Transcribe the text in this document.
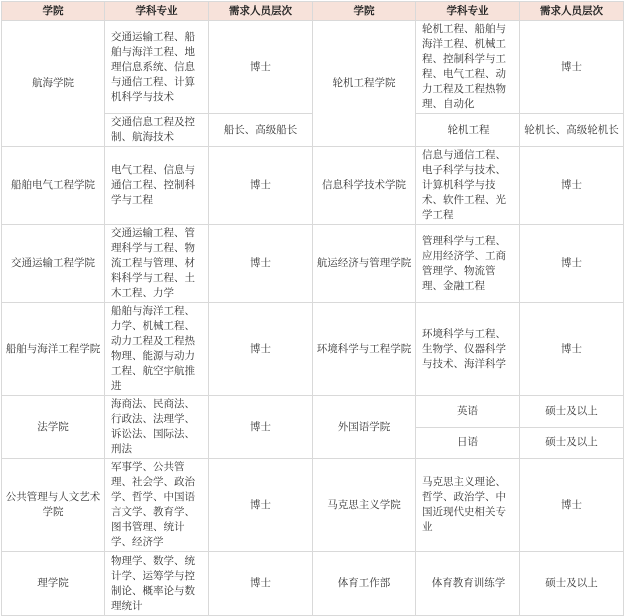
学院	学科专业	需求人员层次	学院	学科专业	需求人员层次
航海学院	交通运输工程、船舶与海洋工程、地理信息系统、信息与通信工程、计算机科学与技术	博士	轮机工程学院	轮机工程、船舶与海洋工程、机械工程、控制科学与工程、电气工程、动力工程及工程热物理、自动化	博士
	交通信息工程及控制、航海技术	船长、高级船长		轮机工程	轮机长、高级轮机长
船舶电气工程学院	电气工程、信息与通信工程、控制科学与工程	博士	信息科学技术学院	信息与通信工程、电子科学与技术、计算机科学与技术、软件工程、光学工程	博士
交通运输工程学院	交通运输工程、管理科学与工程、物流工程与管理、材料科学与工程、土木工程、力学	博士	航运经济与管理学院	管理科学与工程、应用经济学、工商管理学、物流管理、金融工程	博士
船舶与海洋工程学院	船舶与海洋工程、力学、机械工程、动力工程及工程热物理、能源与动力工程、航空宇航推进	博士	环境科学与工程学院	环境科学与工程、生物学、仪器科学与技术、海洋科学	博士
法学院	海商法、民商法、行政法、法理学、诉讼法、国际法、刑法	博士	外国语学院	英语	硕士及以上
				日语	硕士及以上
公共管理与人文艺术学院	军事学、公共管理、社会学、政治学、哲学、中国语言文学、教育学、图书管理、统计学、经济学	博士	马克思主义学院	马克思主义理论、哲学、政治学、中国近现代史相关专业	博士
理学院	物理学、数学、统计学、运筹学与控制论、概率论与数理统计	博士	体育工作部	体育教育训练学	硕士及以上
